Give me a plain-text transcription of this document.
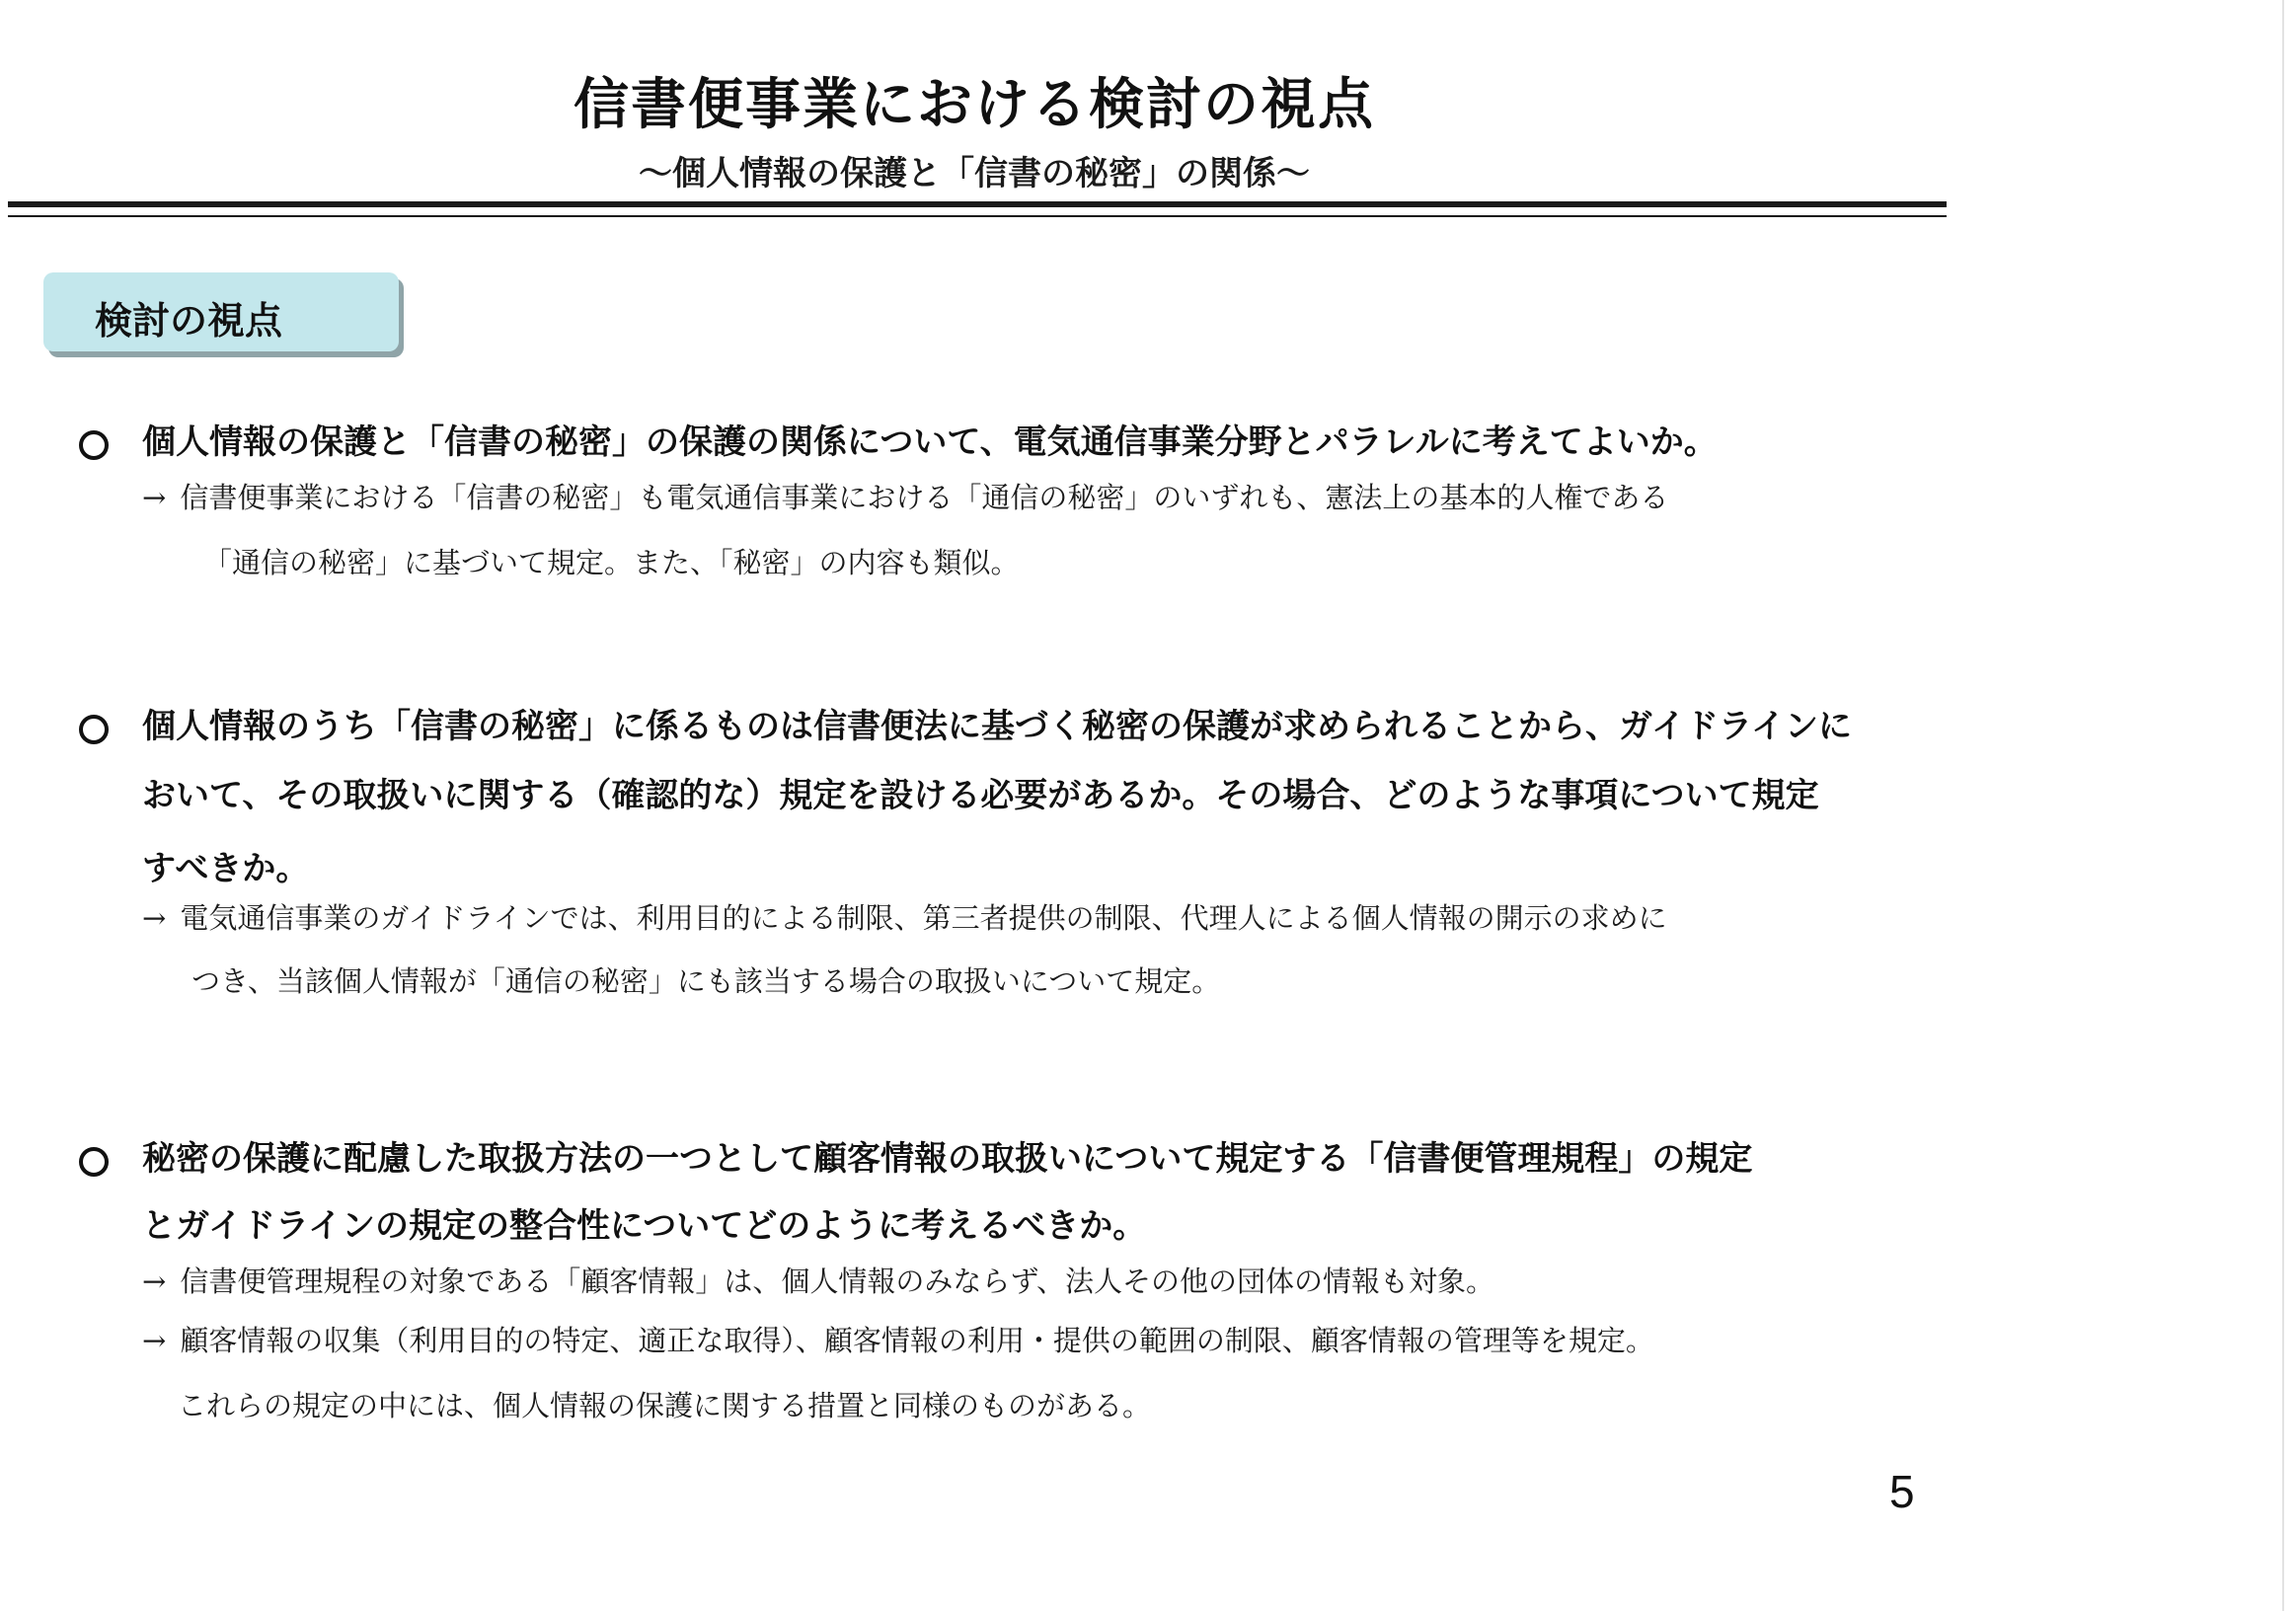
信書便事業における検討の視点
～個人情報の保護と「信書の秘密」の関係～
検討の視点
個人情報の保護と「信書の秘密」の保護の関係について、電気通信事業分野とパラレルに考えてよいか。
→ 信書便事業における「信書の秘密」も電気通信事業における「通信の秘密」のいずれも、憲法上の基本的人権である
「通信の秘密」に基づいて規定。また、「秘密」の内容も類似。
個人情報のうち「信書の秘密」に係るものは信書便法に基づく秘密の保護が求められることから、ガイドラインに
おいて、その取扱いに関する（確認的な）規定を設ける必要があるか。その場合、どのような事項について規定
すべきか。
→ 電気通信事業のガイドラインでは、利用目的による制限、第三者提供の制限、代理人による個人情報の開示の求めに
つき、当該個人情報が「通信の秘密」にも該当する場合の取扱いについて規定。
秘密の保護に配慮した取扱方法の一つとして顧客情報の取扱いについて規定する「信書便管理規程」の規定
とガイドラインの規定の整合性についてどのように考えるべきか。
→ 信書便管理規程の対象である「顧客情報」は、個人情報のみならず、法人その他の団体の情報も対象。
→ 顧客情報の収集（利用目的の特定、適正な取得）、顧客情報の利用・提供の範囲の制限、顧客情報の管理等を規定。
これらの規定の中には、個人情報の保護に関する措置と同様のものがある。
5
